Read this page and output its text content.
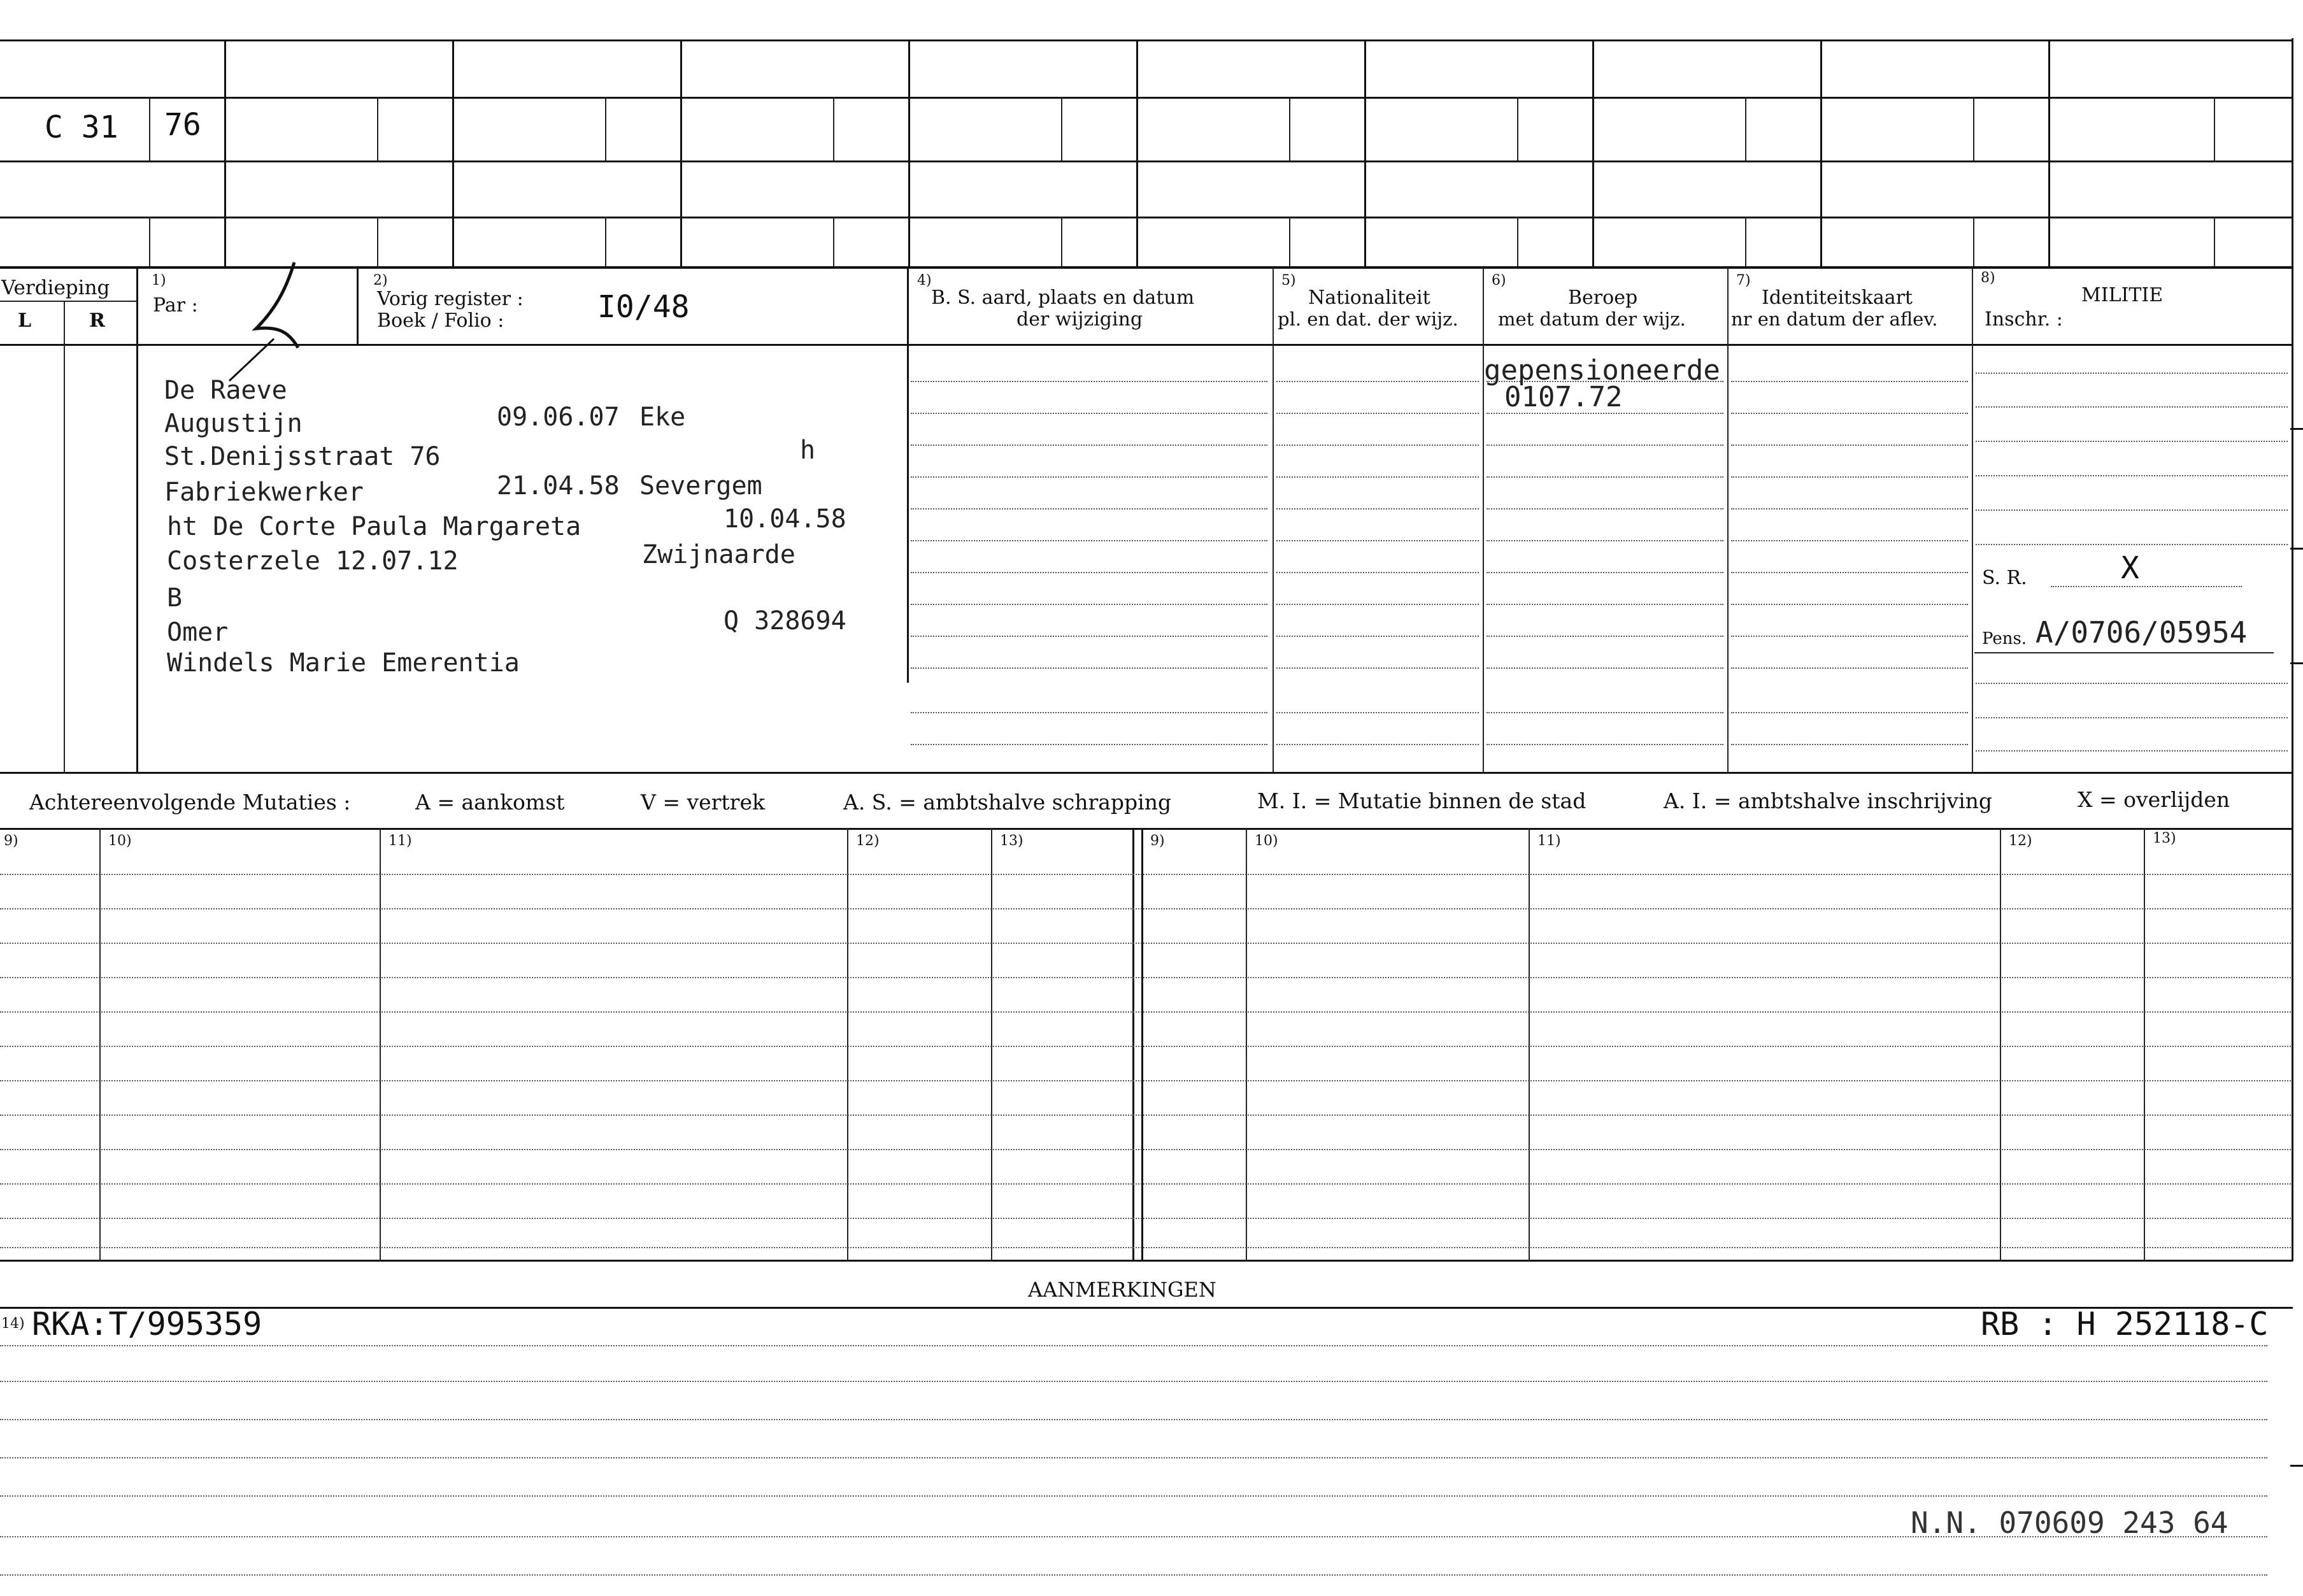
C 31 76
Verdieping
L	R
1)
Par :
2)
Vorig register :
Boek / Folio :	I0/48
4)
B. S. aard, plaats en datum
der wijziging
5)
Nationaliteit
pl. en dat. der wijz.
6)
Beroep
met datum der wijz.
7)
Identiteitskaart
nr en datum der aflev.
8)
MILITIE
Inschr. :
De Raeve
Augustijn	09.06.07 Eke
St.Denijsstraat 76	h
Fabriekwerker	21.04.58 Severgem
ht De Corte Paula Margareta	10.04.58
Costerzele 12.07.12	Zwijnaarde
B
Omer	Q 328694
Windels Marie Emerentia
gepensioneerde
0107.72
S. R.	X
Pens. A/0706/05954
Achtereenvolgende Mutaties :	A = aankomst	V = vertrek	A. S. = ambtshalve schrapping	M. I. = Mutatie binnen de stad	A. I. = ambtshalve inschrijving	X = overlijden
9)	10)	11)	12)	13)	9)	10)	11)	12)	13)
AANMERKINGEN
14) RKA:T/995359	RB : H 252118-C
N.N. 070609 243 64
